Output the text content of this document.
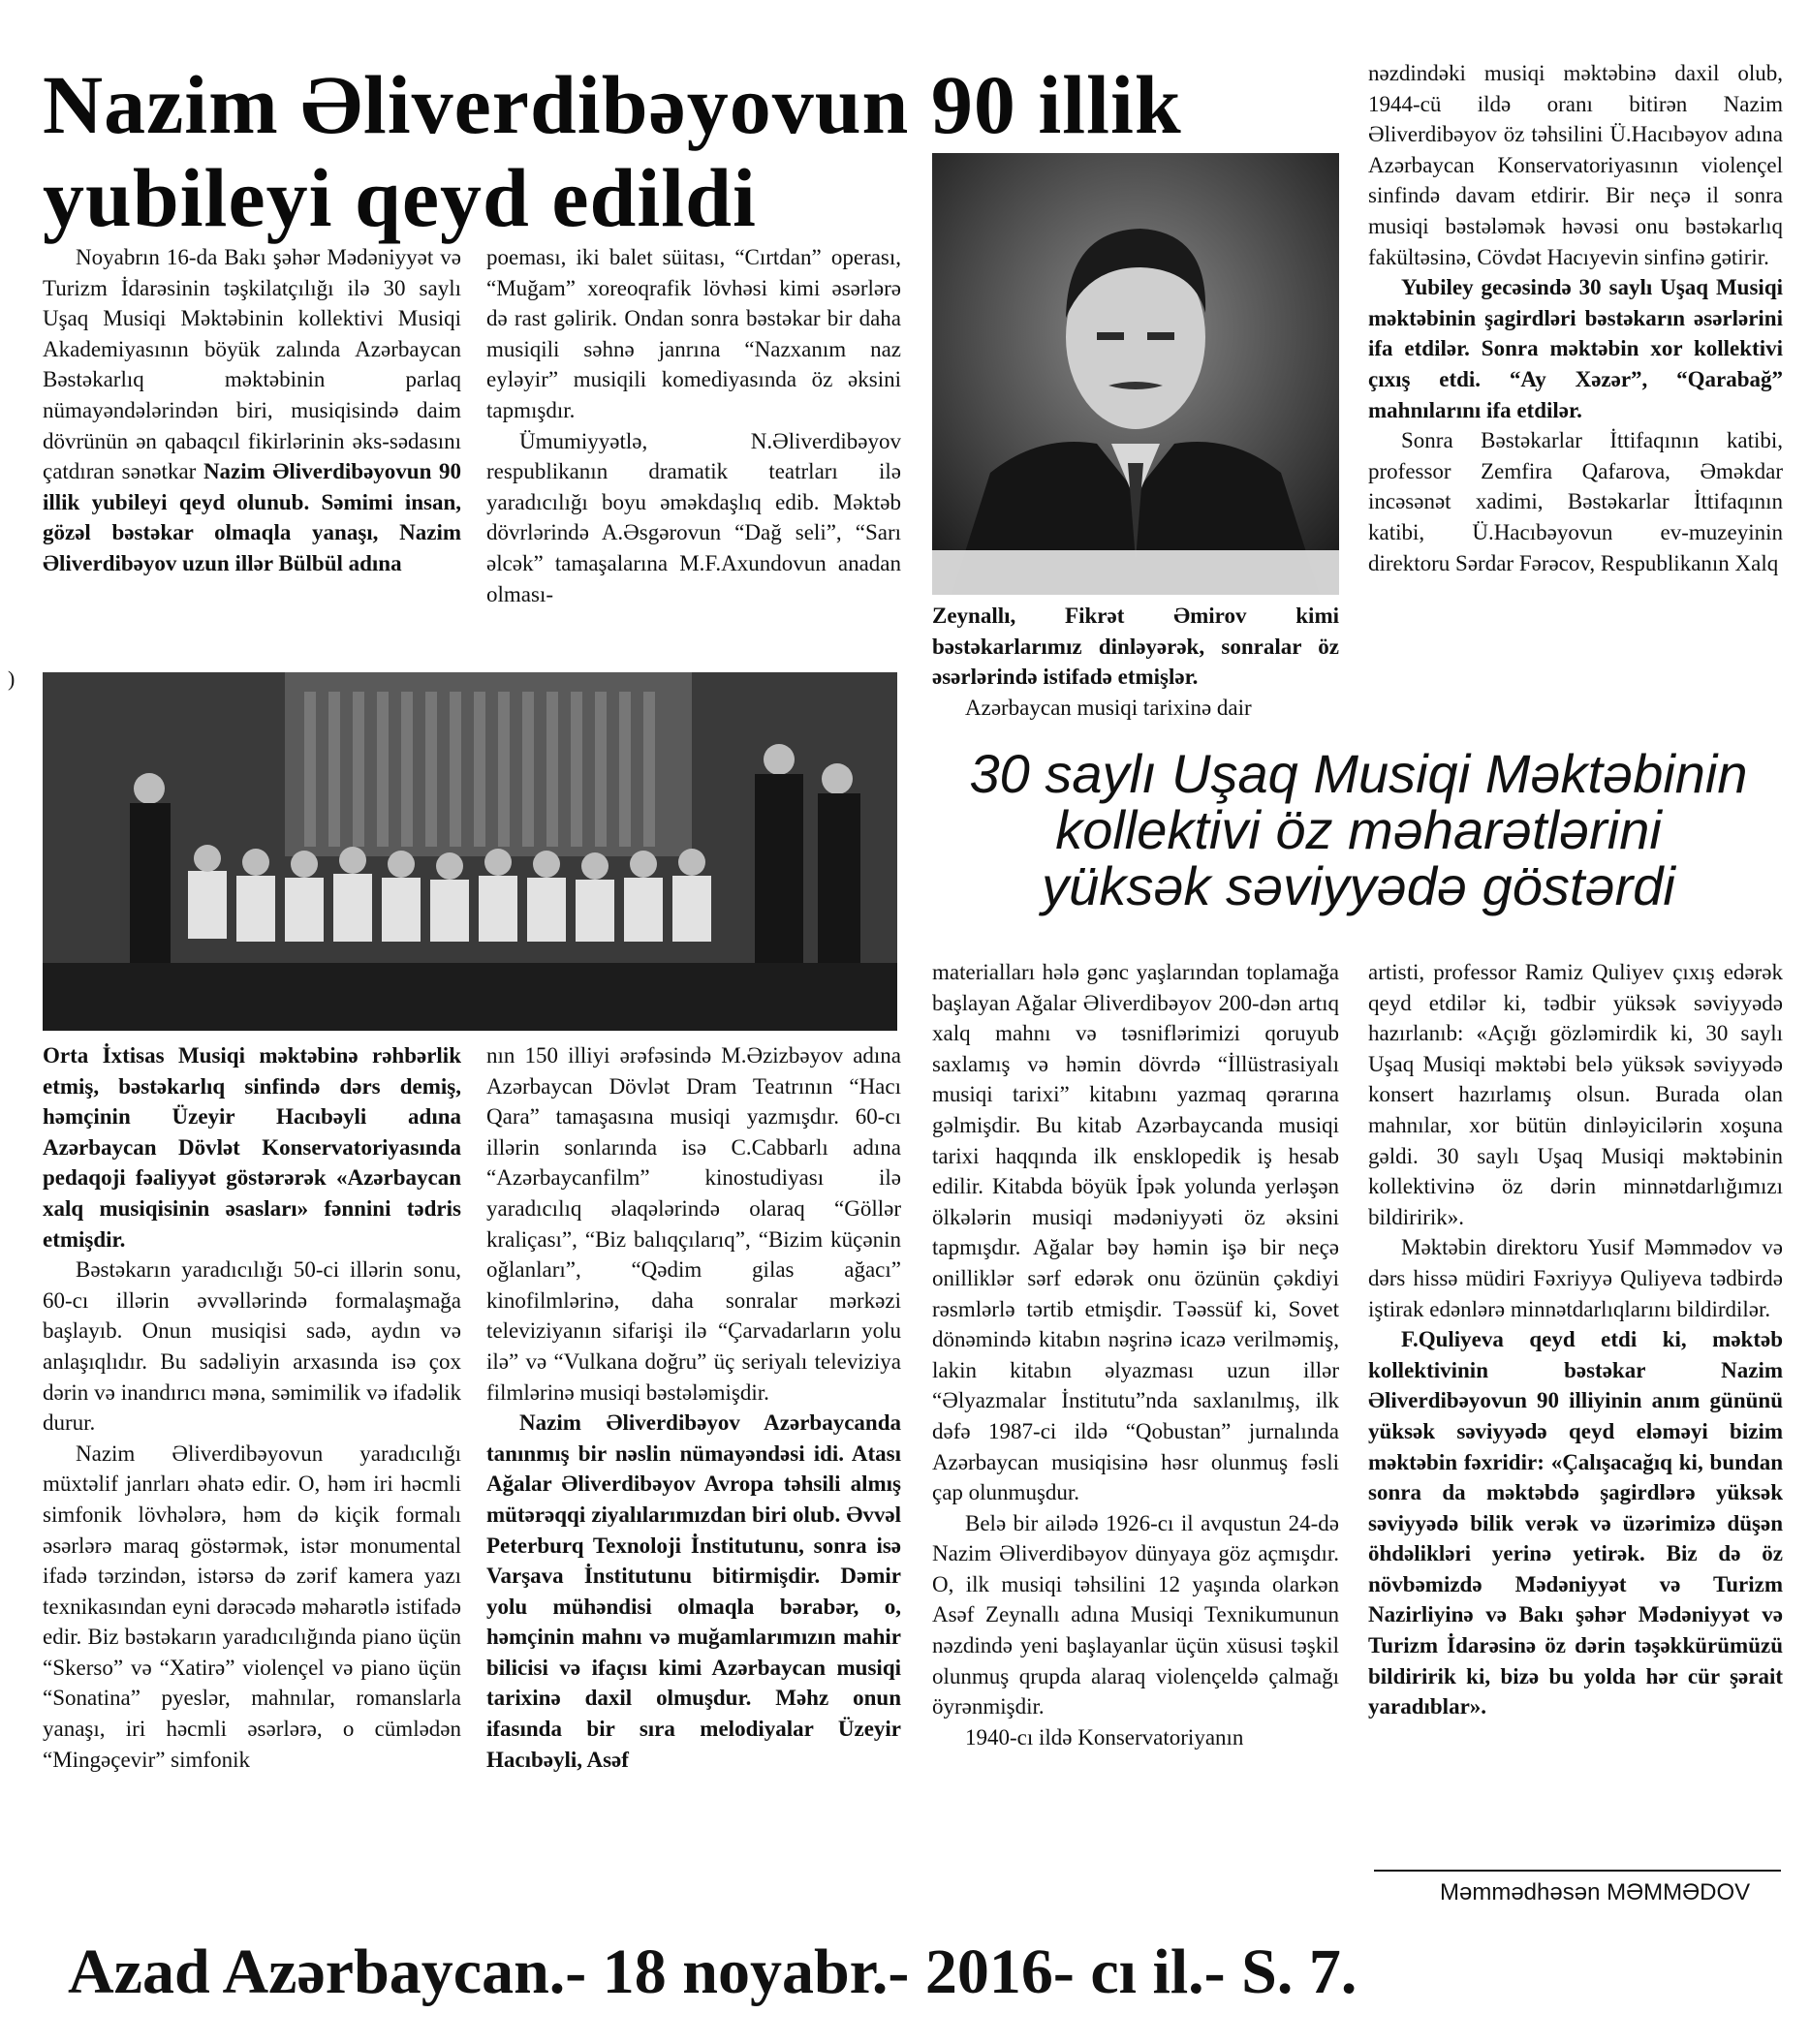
Nazim Əliverdibəyovun 90 illik
yubileyi qeyd edildi

Noyabrın 16-da Bakı şəhər Mədəniyyət və Turizm İdarəsinin təşkilatçılığı ilə 30 saylı Uşaq Musiqi Məktəbinin kollektivi Musiqi Akademiyasının böyük zalında Azərbaycan Bəstəkarlıq məktəbinin parlaq nümayəndələrindən biri, musiqisində daim dövrünün ən qabaqcıl fikirlərinin əks-sədasını çatdıran sənətkar Nazim Əliverdibəyovun 90 illik yubileyi qeyd olunub. Səmimi insan, gözəl bəstəkar olmaqla yanaşı, Nazim Əliverdibəyov uzun illər Bülbül adına

poeması, iki balet süitası, “Cırtdan” operası, “Muğam” xoreoqrafik lövhəsi kimi əsərlərə də rast gəlirik. Ondan sonra bəstəkar bir daha musiqili səhnə janrına “Nazxanım naz eyləyir” musiqili komediyasında öz əksini tapmışdır.

Ümumiyyətlə, N.Əliverdibəyov respublikanın dramatik teatrları ilə yaradıcılığı boyu əməkdaşlıq edib. Məktəb dövrlərində A.Əsgərovun “Dağ seli”, “Sarı əlcək” tamaşalarına M.F.Axundovun anadan olması-

Zeynallı, Fikrət Əmirov kimi bəstəkarlarımız dinləyərək, sonralar öz əsərlərində istifadə etmişlər.

Azərbaycan musiqi tarixinə dair

nəzdindəki musiqi məktəbinə daxil olub, 1944-cü ildə oranı bitirən Nazim Əliverdibəyov öz təhsilini Ü.Hacıbəyov adına Azərbaycan Konservatoriyasının violençel sinfində davam etdirir. Bir neçə il sonra musiqi bəstələmək həvəsi onu bəstəkarlıq fakültəsinə, Cövdət Hacıyevin sinfinə gətirir.

Yubiley gecəsində 30 saylı Uşaq Musiqi məktəbinin şagirdləri bəstəkarın əsərlərini ifa etdilər. Sonra məktəbin xor kollektivi çıxış etdi. “Ay Xəzər”, “Qarabağ” mahnılarını ifa etdilər.

Sonra Bəstəkarlar İttifaqının katibi, professor Zemfira Qafarova, Əməkdar incəsənət xadimi, Bəstəkarlar İttifaqının katibi, Ü.Hacıbəyovun ev-muzeyinin direktoru Sərdar Fərəcov, Respublikanın Xalq

)
30 saylı Uşaq Musiqi Məktəbinin
kollektivi öz məharətlərini
yüksək səviyyədə göstərdi

Orta İxtisas Musiqi məktəbinə rəhbərlik etmiş, bəstəkarlıq sinfində dərs demiş, həmçinin Üzeyir Hacıbəyli adına Azərbaycan Dövlət Konservatoriyasında pedaqoji fəaliyyət göstərərək «Azərbaycan xalq musiqisinin əsasları» fənnini tədris etmişdir.

Bəstəkarın yaradıcılığı 50-ci illərin sonu, 60-cı illərin əvvəllərində formalaşmağa başlayıb. Onun musiqisi sadə, aydın və anlaşıqlıdır. Bu sadəliyin arxasında isə çox dərin və inandırıcı məna, səmimilik və ifadəlik durur.

Nazim Əliverdibəyovun yaradıcılığı müxtəlif janrları əhatə edir. O, həm iri həcmli simfonik lövhələrə, həm də kiçik formalı əsərlərə maraq göstərmək, istər monumental ifadə tərzindən, istərsə də zərif kamera yazı texnikasından eyni dərəcədə məharətlə istifadə edir. Biz bəstəkarın yaradıcılığında piano üçün “Skerso” və “Xatirə” violençel və piano üçün “Sonatina” pyeslər, mahnılar, romanslarla yanaşı, iri həcmli əsərlərə, o cümlədən “Mingəçevir” simfonik

nın 150 illiyi ərəfəsində M.Əzizbəyov adına Azərbaycan Dövlət Dram Teatrının “Hacı Qara” tamaşasına musiqi yazmışdır. 60-cı illərin sonlarında isə C.Cabbarlı adına “Azərbaycanfilm” kinostudiyası ilə yaradıcılıq əlaqələrində olaraq “Göllər kraliçası”, “Biz balıqçılarıq”, “Bizim küçənin oğlanları”, “Qədim gilas ağacı” kinofilmlərinə, daha sonralar mərkəzi televiziyanın sifarişi ilə “Çarvadarların yolu ilə” və “Vulkana doğru” üç seriyalı televiziya filmlərinə musiqi bəstələmişdir.

Nazim Əliverdibəyov Azərbaycanda tanınmış bir nəslin nümayəndəsi idi. Atası Ağalar Əliverdibəyov Avropa təhsili almış mütərəqqi ziyalılarımızdan biri olub. Əvvəl Peterburq Texnoloji İnstitutunu, sonra isə Varşava İnstitutunu bitirmişdir. Dəmir yolu mühəndisi olmaqla bərabər, o, həmçinin mahnı və muğamlarımızın mahir bilicisi və ifaçısı kimi Azərbaycan musiqi tarixinə daxil olmuşdur. Məhz onun ifasında bir sıra melodiyalar Üzeyir Hacıbəyli, Asəf

materialları hələ gənc yaşlarından toplamağa başlayan Ağalar Əliverdibəyov 200-dən artıq xalq mahnı və təsniflərimizi qoruyub saxlamış və həmin dövrdə “İllüstrasiyalı musiqi tarixi” kitabını yazmaq qərarına gəlmişdir. Bu kitab Azərbaycanda musiqi tarixi haqqında ilk ensklopedik iş hesab edilir. Kitabda böyük İpək yolunda yerləşən ölkələrin musiqi mədəniyyəti öz əksini tapmışdır. Ağalar bəy həmin işə bir neçə onilliklər sərf edərək onu özünün çəkdiyi rəsmlərlə tərtib etmişdir. Təəssüf ki, Sovet dönəmində kitabın nəşrinə icazə verilməmiş, lakin kitabın əlyazması uzun illər “Əlyazmalar İnstitutu”nda saxlanılmış, ilk dəfə 1987-ci ildə “Qobustan” jurnalında Azərbaycan musiqisinə həsr olunmuş fəsli çap olunmuşdur.

Belə bir ailədə 1926-cı il avqustun 24-də Nazim Əliverdibəyov dünyaya göz açmışdır. O, ilk musiqi təhsilini 12 yaşında olarkən Asəf Zeynallı adına Musiqi Texnikumunun nəzdində yeni başlayanlar üçün xüsusi təşkil olunmuş qrupda alaraq violençeldə çalmağı öyrənmişdir.

1940-cı ildə Konservatoriyanın

artisti, professor Ramiz Quliyev çıxış edərək qeyd etdilər ki, tədbir yüksək səviyyədə hazırlanıb: «Açığı gözləmirdik ki, 30 saylı Uşaq Musiqi məktəbi belə yüksək səviyyədə konsert hazırlamış olsun. Burada olan mahnılar, xor bütün dinləyicilərin xoşuna gəldi. 30 saylı Uşaq Musiqi məktəbinin kollektivinə öz dərin minnətdarlığımızı bildiririk».

Məktəbin direktoru Yusif Məmmədov və dərs hissə müdiri Fəxriyyə Quliyeva tədbirdə iştirak edənlərə minnətdarlıqlarını bildirdilər.

F.Quliyeva qeyd etdi ki, məktəb kollektivinin bəstəkar Nazim Əliverdibəyovun 90 illiyinin anım gününü yüksək səviyyədə qeyd eləməyi bizim məktəbin fəxridir: «Çalışacağıq ki, bundan sonra da məktəbdə şagirdlərə yüksək səviyyədə bilik verək və üzərimizə düşən öhdəlikləri yerinə yetirək. Biz də öz növbəmizdə Mədəniyyət və Turizm Nazirliyinə və Bakı şəhər Mədəniyyət və Turizm İdarəsinə öz dərin təşəkkürümüzü bildiririk ki, bizə bu yolda hər cür şərait yaradıblar».

Məmmədhəsən MƏMMƏDOV
Azad Azərbaycan.- 18 noyabr.- 2016- cı il.- S. 7.
